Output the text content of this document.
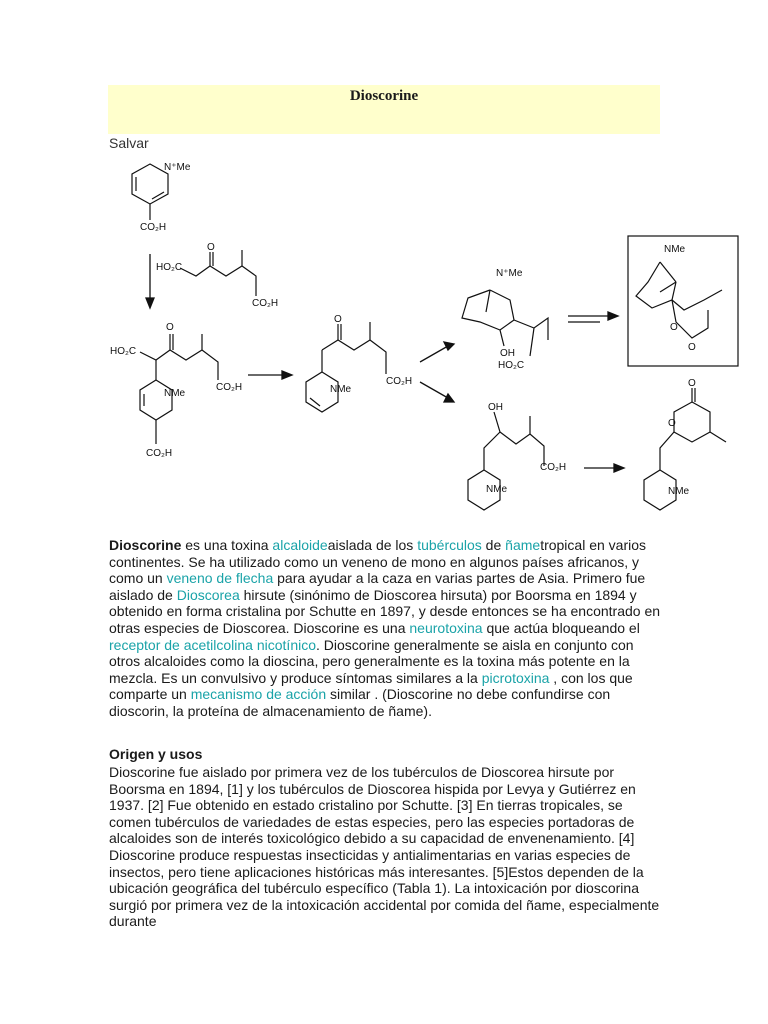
Dioscorine
Salvar
N⁺Me
CO₂H
HO₂C
O
CO₂H
HO₂C
O
NMe
CO₂H
CO₂H
O
NMe
CO₂H
N⁺Me
OH
HO₂C
NMe
O
O
OH
NMe
CO₂H
O
O
NMe
Dioscorine es una toxina alcaloideaislada de los tubérculos de ñametropical en varios continentes. Se ha utilizado como un veneno de mono en algunos países africanos, y como un veneno de flecha para ayudar a la caza en varias partes de Asia. Primero fue aislado de Dioscorea hirsute (sinónimo de Dioscorea hirsuta) por Boorsma en 1894 y obtenido en forma cristalina por Schutte en 1897, y desde entonces se ha encontrado en otras especies de Dioscorea. Dioscorine es una neurotoxina que actúa bloqueando el receptor de acetilcolina nicotínico. Dioscorine generalmente se aisla en conjunto con otros alcaloides como la dioscina, pero generalmente es la toxina más potente en la mezcla. Es un convulsivo y produce síntomas similares a la picrotoxina , con los que comparte un mecanismo de acción similar . (Dioscorine no debe confundirse con dioscorin, la proteína de almacenamiento de ñame).
Origen y usos
Dioscorine fue aislado por primera vez de los tubérculos de Dioscorea hirsute por Boorsma en 1894, [1] y los tubérculos de Dioscorea hispida por Levya y Gutiérrez en 1937. [2] Fue obtenido en estado cristalino por Schutte. [3] En tierras tropicales, se comen tubérculos de variedades de estas especies, pero las especies portadoras de alcaloides son de interés toxicológico debido a su capacidad de envenenamiento. [4] Dioscorine produce respuestas insecticidas y antialimentarias en varias especies de insectos, pero tiene aplicaciones históricas más interesantes. [5]Estos dependen de la ubicación geográfica del tubérculo específico (Tabla 1). La intoxicación por dioscorina surgió por primera vez de la intoxicación accidental por comida del ñame, especialmente durante
